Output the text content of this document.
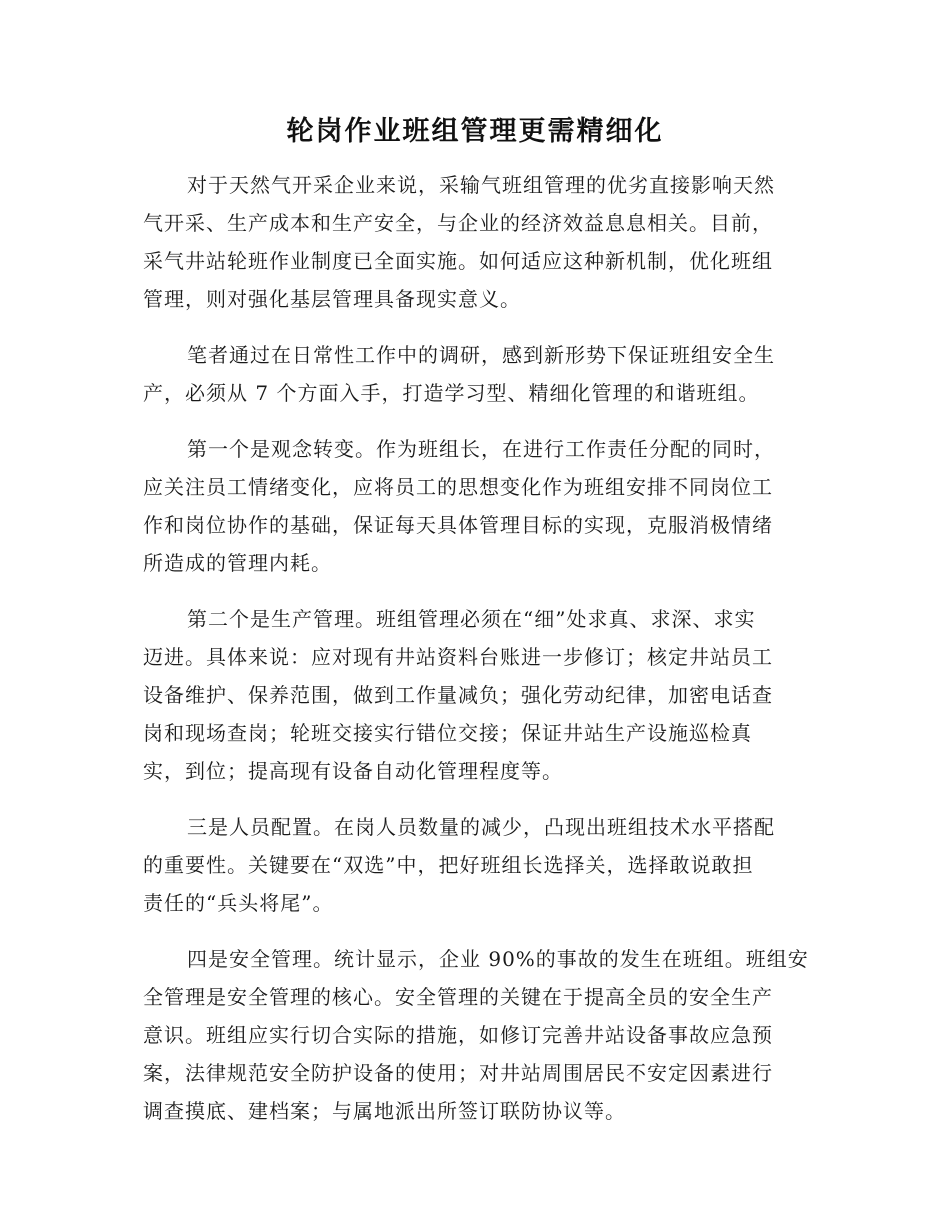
轮岗作业班组管理更需精细化
对于天然气开采企业来说，采输气班组管理的优劣直接影响天然
气开采、生产成本和生产安全，与企业的经济效益息息相关。目前，
采气井站轮班作业制度已全面实施。如何适应这种新机制，优化班组
管理，则对强化基层管理具备现实意义。
笔者通过在日常性工作中的调研，感到新形势下保证班组安全生
产，必须从 7 个方面入手，打造学习型、精细化管理的和谐班组。
第一个是观念转变。作为班组长，在进行工作责任分配的同时，
应关注员工情绪变化，应将员工的思想变化作为班组安排不同岗位工
作和岗位协作的基础，保证每天具体管理目标的实现，克服消极情绪
所造成的管理内耗。
第二个是生产管理。班组管理必须在“细”处求真、求深、求实
迈进。具体来说：应对现有井站资料台账进一步修订；核定井站员工
设备维护、保养范围，做到工作量减负；强化劳动纪律，加密电话查
岗和现场查岗；轮班交接实行错位交接；保证井站生产设施巡检真
实，到位；提高现有设备自动化管理程度等。
三是人员配置。在岗人员数量的减少，凸现出班组技术水平搭配
的重要性。关键要在“双选”中，把好班组长选择关，选择敢说敢担
责任的“兵头将尾”。
四是安全管理。统计显示，企业 90%的事故的发生在班组。班组安
全管理是安全管理的核心。安全管理的关键在于提高全员的安全生产
意识。班组应实行切合实际的措施，如修订完善井站设备事故应急预
案，法律规范安全防护设备的使用；对井站周围居民不安定因素进行
调查摸底、建档案；与属地派出所签订联防协议等。
